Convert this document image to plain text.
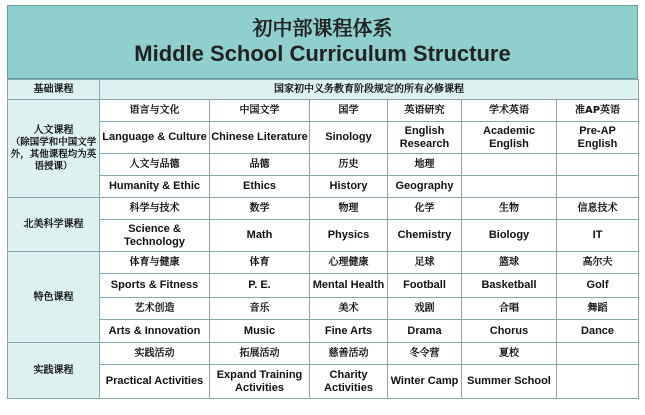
初中部课程体系
Middle School Curriculum Structure
基础课程	国家初中义务教育阶段规定的所有必修课程					

人文课程
（除国学和中国文学外，其他课程均为英语授课）	语言与文化	中国文学	国学	英语研究	学术英语	准AP英语
	Language & Culture	Chinese Literature	Sinology	English Research	Academic English	Pre-AP English
	人文与品德	品德	历史	地理		
	Humanity & Ethic	Ethics	History	Geography		

北美科学课程	科学与技术	数学	物理	化学	生物	信息技术
	Science & Technology	Math	Physics	Chemistry	Biology	IT

特色课程	体育与健康	体育	心理健康	足球	篮球	高尔夫
	Sports & Fitness	P. E.	Mental Health	Football	Basketball	Golf
	艺术创造	音乐	美术	戏剧	合唱	舞蹈
	Arts & Innovation	Music	Fine Arts	Drama	Chorus	Dance

实践课程	实践活动	拓展活动	慈善活动	冬令营	夏校	
	Practical Activities	Expand Training Activities	Charity Activities	Winter Camp	Summer School	
